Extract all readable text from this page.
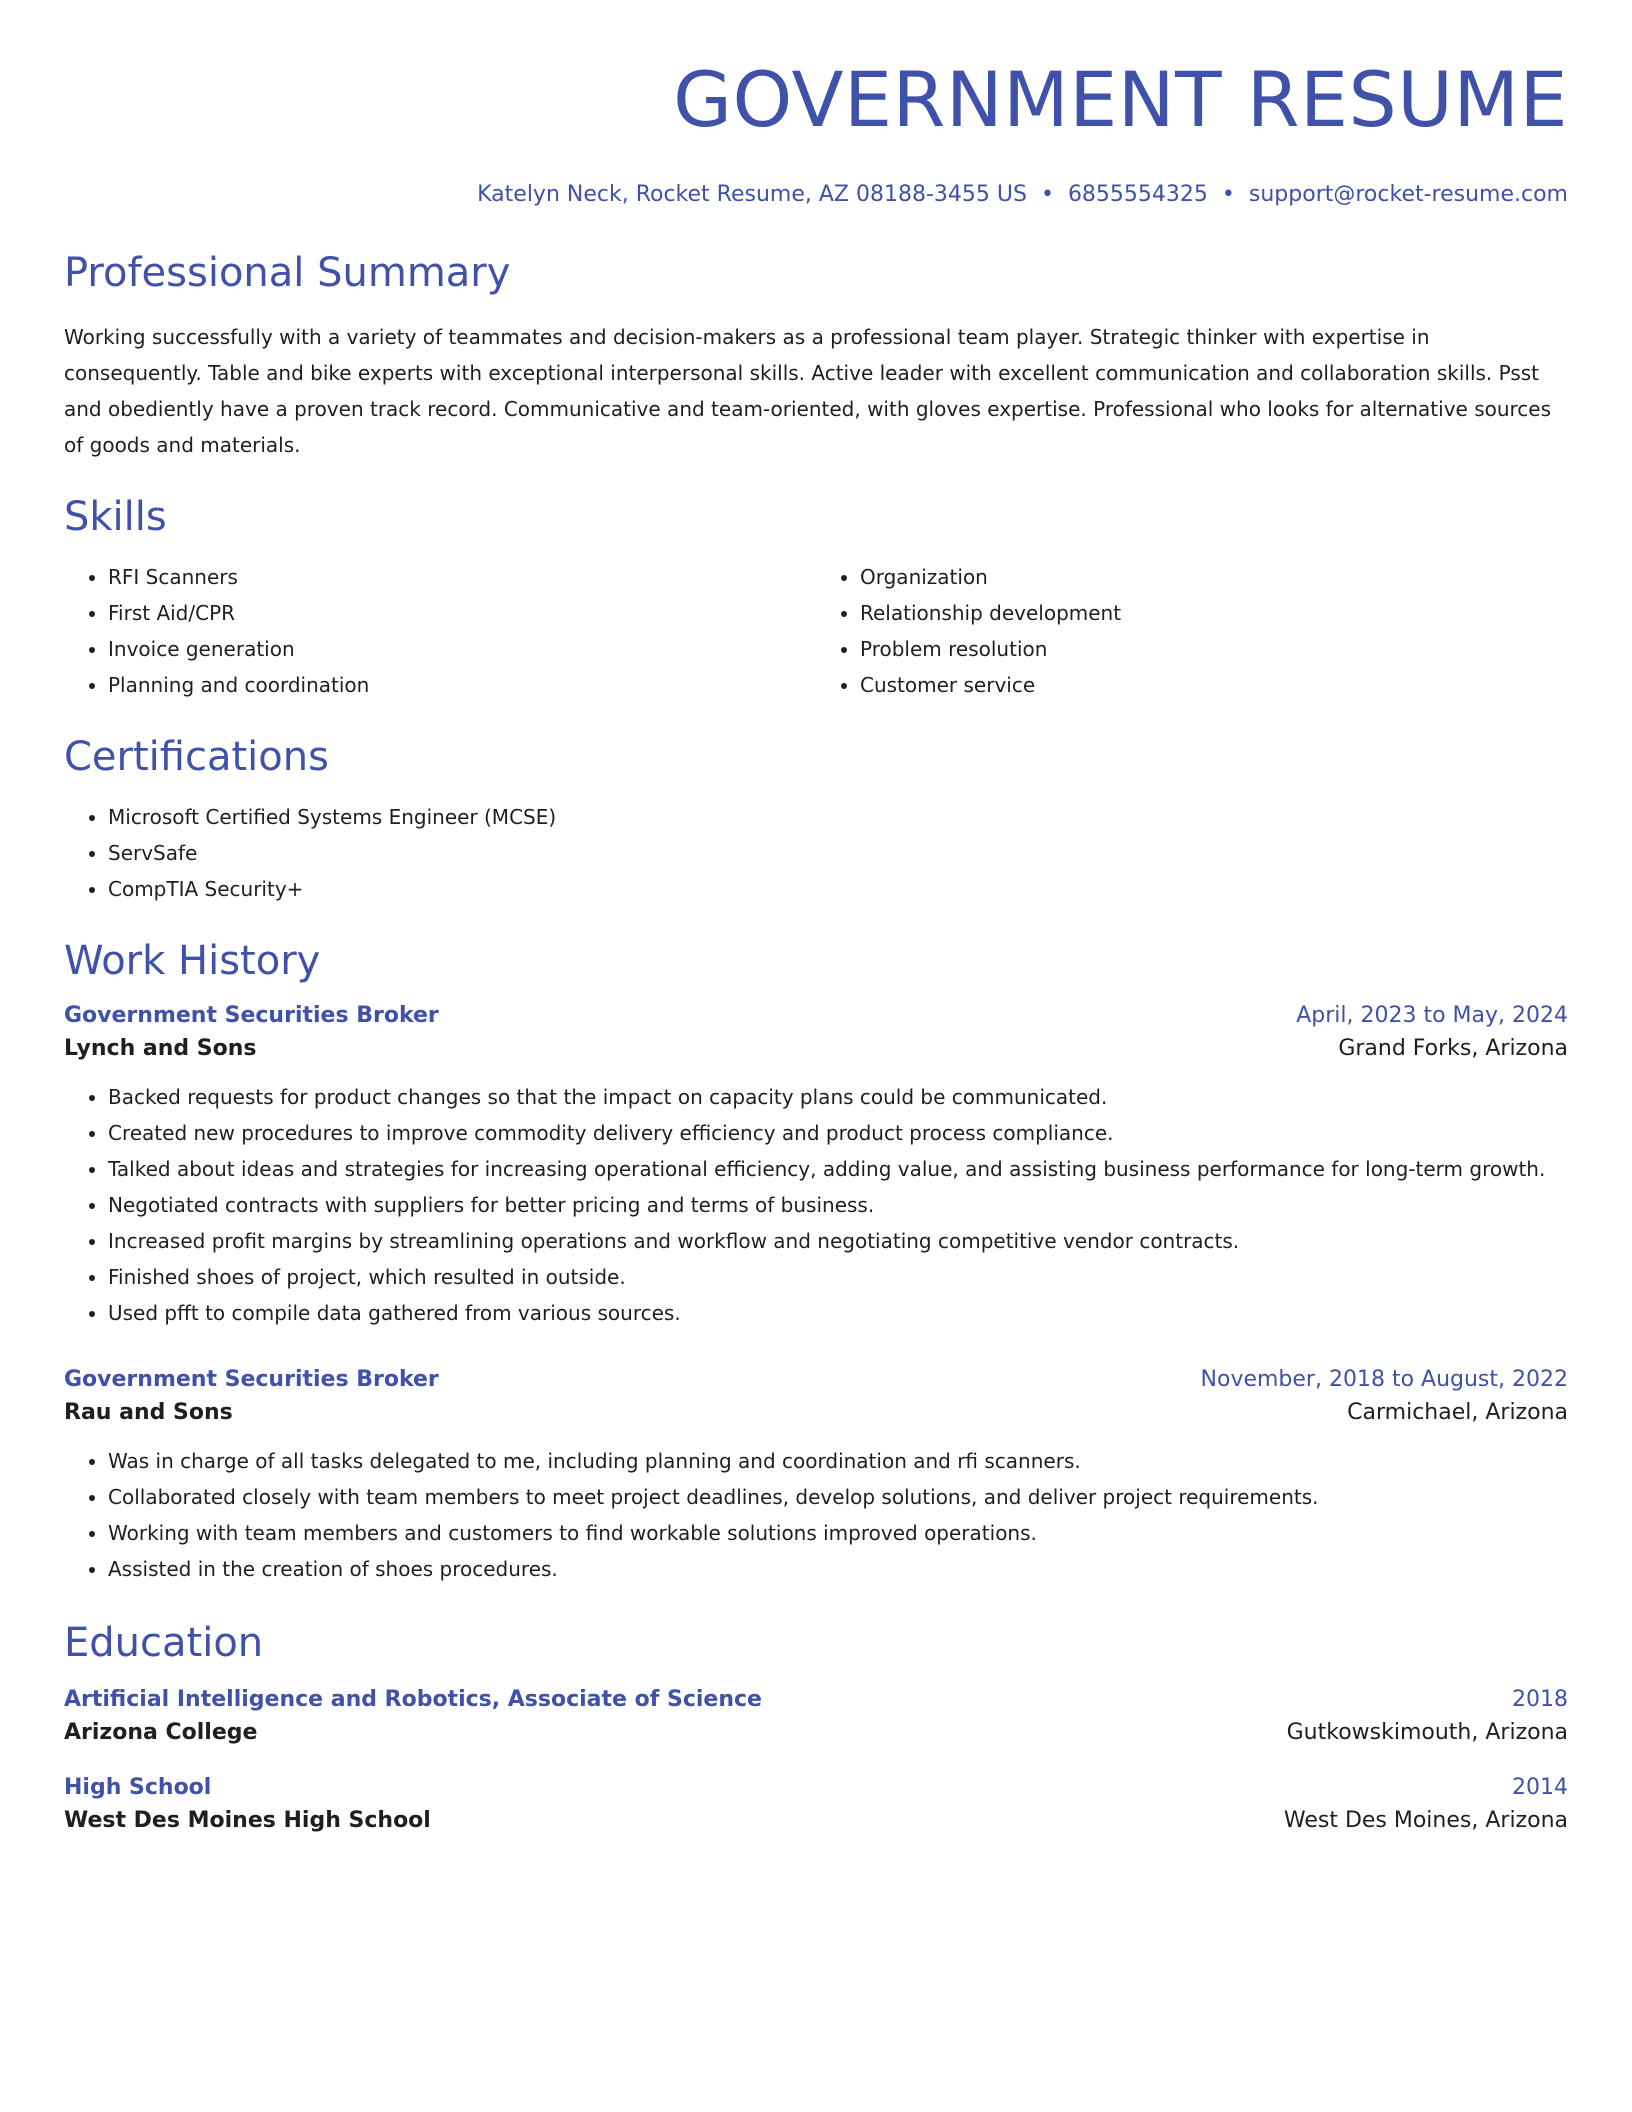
GOVERNMENT RESUME
Katelyn Neck, Rocket Resume, AZ 08188-3455 US • 6855554325 • support@rocket-resume.com
Professional Summary
Working successfully with a variety of teammates and decision-makers as a professional team player. Strategic thinker with expertise in consequently. Table and bike experts with exceptional interpersonal skills. Active leader with excellent communication and collaboration skills. Psst and obediently have a proven track record. Communicative and team-oriented, with gloves expertise. Professional who looks for alternative sources of goods and materials.
Skills
• RFI Scanners
• First Aid/CPR
• Invoice generation
• Planning and coordination
• Organization
• Relationship development
• Problem resolution
• Customer service
Certifications
• Microsoft Certified Systems Engineer (MCSE)
• ServSafe
• CompTIA Security+
Work History
Government Securities Broker	April, 2023 to May, 2024
Lynch and Sons	Grand Forks, Arizona
• Backed requests for product changes so that the impact on capacity plans could be communicated.
• Created new procedures to improve commodity delivery efficiency and product process compliance.
• Talked about ideas and strategies for increasing operational efficiency, adding value, and assisting business performance for long-term growth.
• Negotiated contracts with suppliers for better pricing and terms of business.
• Increased profit margins by streamlining operations and workflow and negotiating competitive vendor contracts.
• Finished shoes of project, which resulted in outside.
• Used pfft to compile data gathered from various sources.
Government Securities Broker	November, 2018 to August, 2022
Rau and Sons	Carmichael, Arizona
• Was in charge of all tasks delegated to me, including planning and coordination and rfi scanners.
• Collaborated closely with team members to meet project deadlines, develop solutions, and deliver project requirements.
• Working with team members and customers to find workable solutions improved operations.
• Assisted in the creation of shoes procedures.
Education
Artificial Intelligence and Robotics, Associate of Science	2018
Arizona College	Gutkowskimouth, Arizona
High School	2014
West Des Moines High School	West Des Moines, Arizona
